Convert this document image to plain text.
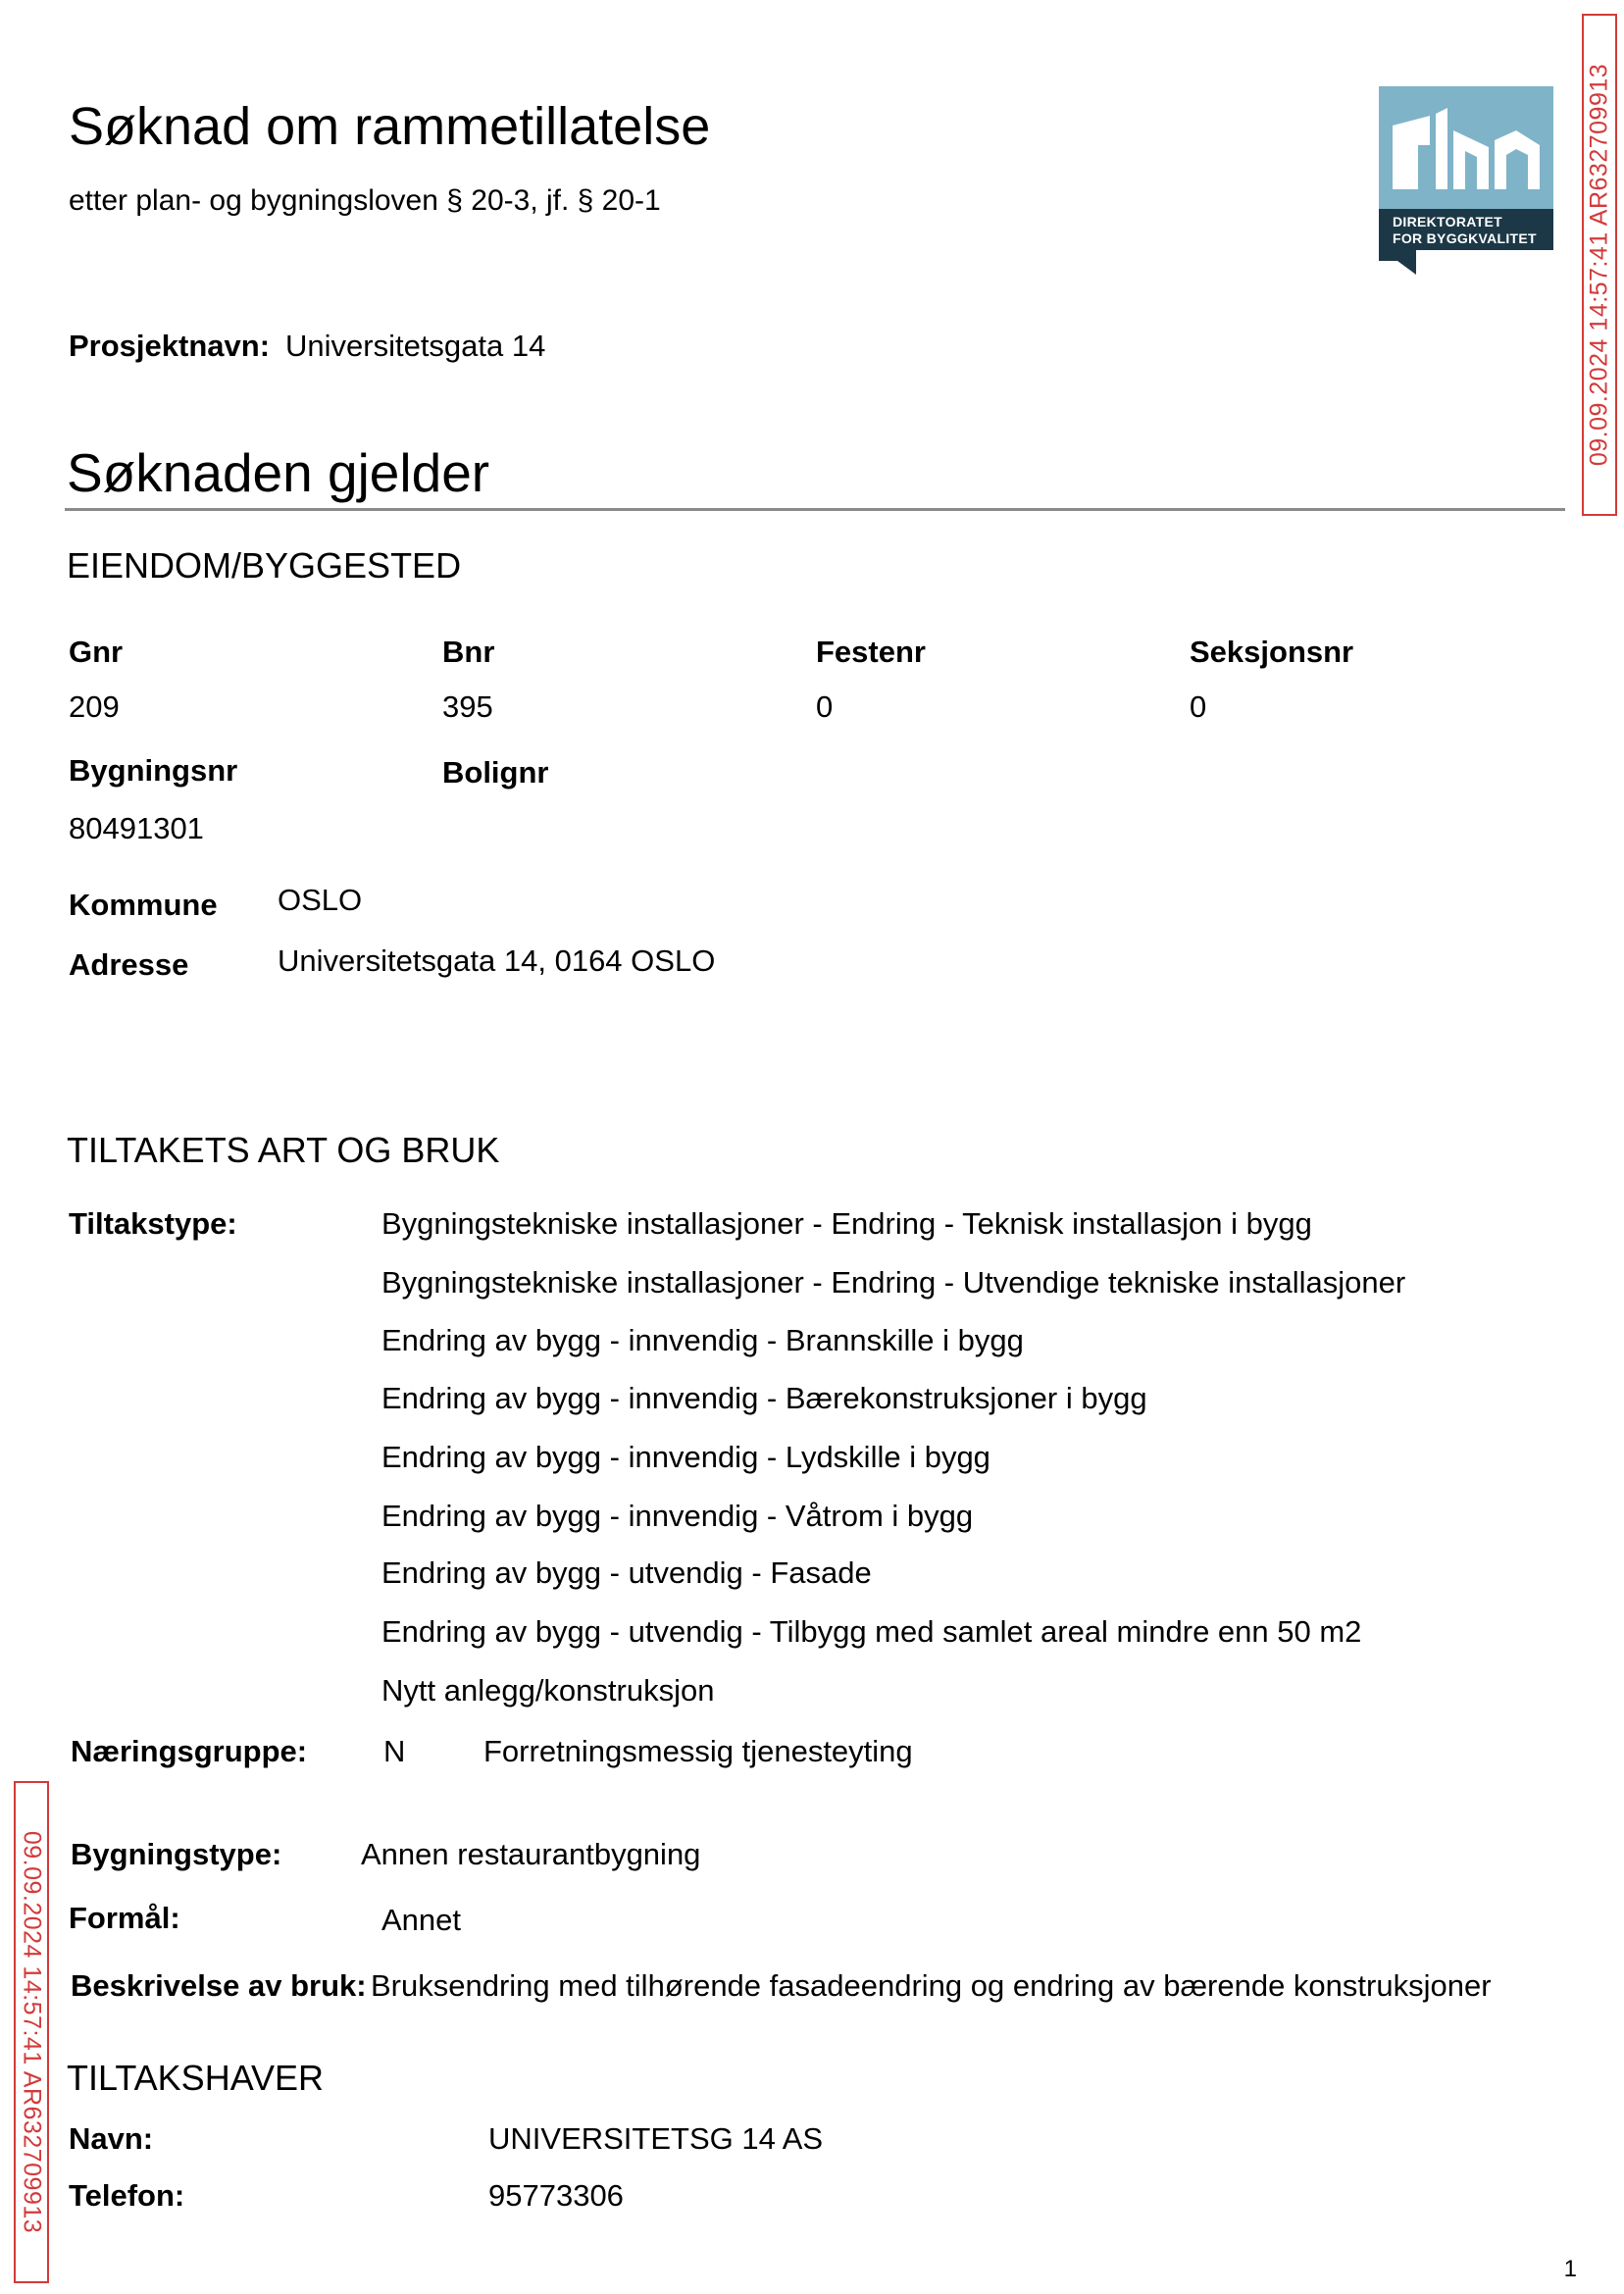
Søknad om rammetillatelse
etter plan- og bygningsloven § 20-3, jf. § 20-1
DIREKTORATET
FOR BYGGKVALITET 09.09.2024 14:57:41 AR632709913
09.09.2024 14:57:41 AR632709913
Prosjektnavn: Universitetsgata 14
Søknaden gjelder
EIENDOM/BYGGESTED
Gnr	Bnr	Festenr	Seksjonsnr
209	395	0	0
Bygningsnr	Bolignr
80491301
Kommune OSLO
Adresse	Universitetsgata 14, 0164 OSLO
TILTAKETS ART OG BRUK
Tiltakstype:	Bygningstekniske installasjoner - Endring - Teknisk installasjon i bygg
Bygningstekniske installasjoner - Endring - Utvendige tekniske installasjoner
Endring av bygg - innvendig - Brannskille i bygg
Endring av bygg - innvendig - Bærekonstruksjoner i bygg
Endring av bygg - innvendig - Lydskille i bygg
Endring av bygg - innvendig - Våtrom i bygg
Endring av bygg - utvendig - Fasade
Endring av bygg - utvendig - Tilbygg med samlet areal mindre enn 50 m2
Nytt anlegg/konstruksjon
Næringsgruppe:	N	Forretningsmessig tjenesteyting
Bygningstype:	Annen restaurantbygning
Formål:	Annet
Beskrivelse av bruk: Bruksendring med tilhørende fasadeendring og endring av bærende konstruksjoner
TILTAKSHAVER
Navn:	UNIVERSITETSG 14 AS
Telefon:	95773306
1
